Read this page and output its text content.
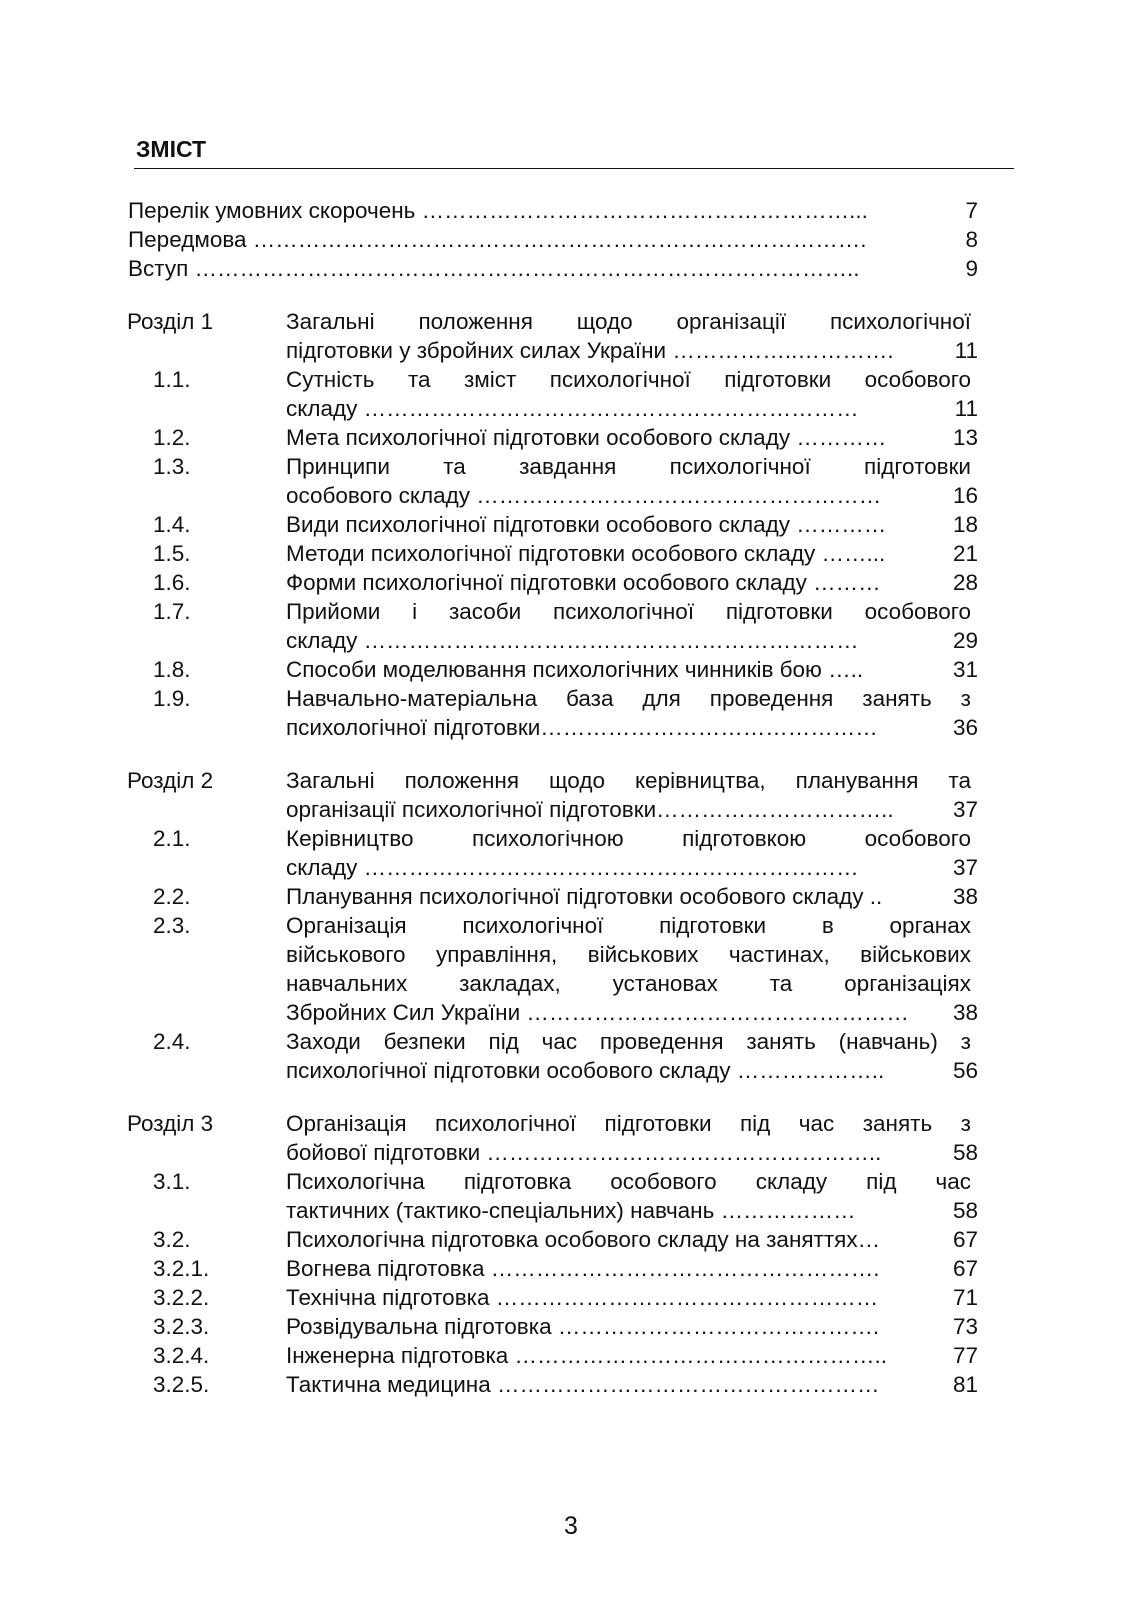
ЗМІСТ
Перелік умовних скорочень …………………………………………………...	7
Передмова ……………………………………………………………………….	8
Вступ ……………………………………………………………………………..	9
Розділ 1	Загальні положення щодо організації психологічної
підготовки у збройних силах України ……………..………….	11
1.1.	Сутність та зміст психологічної підготовки особового
складу …………………………………………………………	11
1.2.	Мета психологічної підготовки особового складу …………	13
1.3.	Принципи та завдання психологічної підготовки
особового складу ………………………………………………	16
1.4.	Види психологічної підготовки особового складу …………	18
1.5.	Методи психологічної підготовки особового складу ……...	21
1.6.	Форми психологічної підготовки особового складу ………	28
1.7.	Прийоми і засоби психологічної підготовки особового
складу …………………………………………………………	29
1.8.	Способи моделювання психологічних чинників бою …..	31
1.9.	Навчально-матеріальна база для проведення занять з
психологічної підготовки………………………………………	36
Розділ 2	Загальні положення щодо керівництва, планування та
організації психологічної підготовки…………………………..	37
2.1.	Керівництво психологічною підготовкою особового
складу …………………………………………………………	37
2.2.	Планування психологічної підготовки особового складу ..	38
2.3.	Організація психологічної підготовки в органах
військового управління, військових частинах, військових
навчальних закладах, установах та організаціях
Збройних Сил України ……………………………………………	38
2.4.	Заходи безпеки під час проведення занять (навчань) з
психологічної підготовки особового складу ………………..	56
Розділ 3	Організація психологічної підготовки під час занять з
бойової підготовки ……………………………………………..	58
3.1.	Психологічна підготовка особового складу під час
тактичних (тактико-спеціальних) навчань ………………	58
3.2.	Психологічна підготовка особового складу на заняттях…	67
3.2.1.	Вогнева підготовка …………………………………………….	67
3.2.2.	Технічна підготовка ……………………………………………	71
3.2.3.	Розвідувальна підготовка …………………………………….	73
3.2.4.	Інженерна підготовка …………………………………………..	77
3.2.5.	Тактична медицина ……………………………………………	81
3
